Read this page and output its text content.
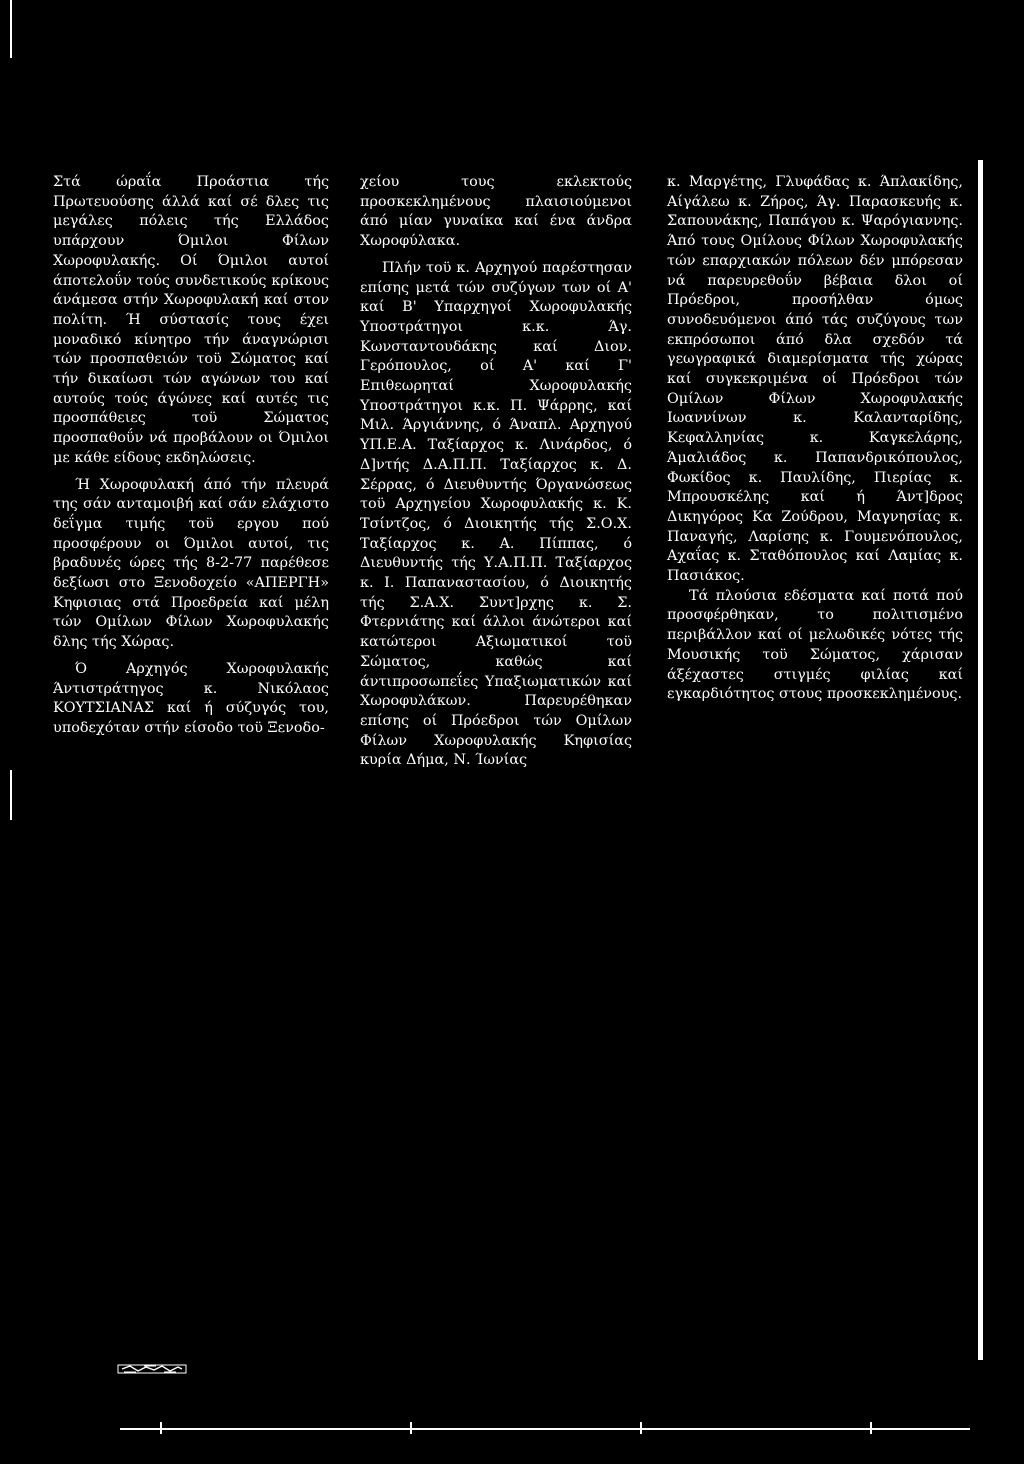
Στά ώραΐα Προάστια τής Πρωτευούσης άλλά καί σέ δλες τις μεγάλες πόλεις τής Ελλάδος υπάρχουν Όμιλοι Φίλων Χωροφυλακής. Οί Όμιλοι αυτοί άποτελοΰν τούς συνδετικούς κρίκους άνάμεσα στήν Χωροφυλακή καί στον πολίτη. Ή σύστασίς τους έχει μοναδικό κίνητρο τήν άναγνώρισι τών προσπαθειών τοϋ Σώματος καί τήν δικαίωσι τών αγώνων του καί αυτούς τούς άγώνες καί αυτές τις προσπάθειες τοϋ Σώματος προσπαθοΰν νά προβάλουν οι Όμιλοι με κάθε είδους εκδηλώσεις.

Ή Χωροφυλακή άπό τήν πλευρά της σάν ανταμοιβή καί σάν ελάχιστο δεΐγμα τιμής τοϋ εργου πού προσφέρουν οι Όμιλοι αυτοί, τις βραδυνές ώρες τής 8-2-77 παρέθεσε δεξίωσι στο Ξενοδοχείο «ΑΠΕΡΓΗ» Κηφισιας στά Προεδρεία καί μέλη τών Ομίλων Φίλων Χωροφυλακής δλης τής Χώρας.

Ό Αρχηγός Χωροφυλακής Άντιστράτηγος κ. Νικόλαος ΚΟΥΤΣΙΑΝΑΣ καί ή σύζυγός του, υποδεχόταν στήν είσοδο τοϋ Ξενοδο-

χείου τους εκλεκτούς προσκεκλημένους πλαισιούμενοι άπό μίαν γυναίκα καί ένα άνδρα Χωροφύλακα.

Πλήν τοϋ κ. Αρχηγού παρέστησαν επίσης μετά τών συζύγων των οί Α' καί Β' Υπαρχηγοί Χωροφυλακής Υποστράτηγοι κ.κ. Άγ. Κωνσταντουδάκης καί Διον. Γερόπουλος, οί Α' καί Γ' Επιθεωρηταί Χωροφυλακής Υποστράτηγοι κ.κ. Π. Ψάρρης, καί Μιλ. Άργιάννης, ό Άναπλ. Αρχηγού ΥΠ.Ε.Α. Ταξίαρχος κ. Λινάρδος, ό Δ]ντής Δ.Α.Π.Π. Ταξίαρχος κ. Δ. Σέρρας, ό Διευθυντής Όργανώσεως τοϋ Αρχηγείου Χωροφυλακής κ. Κ. Τσίντζος, ό Διοικητής τής Σ.Ο.Χ. Ταξίαρχος κ. Α. Πίππας, ό Διευθυντής τής Υ.Α.Π.Π. Ταξίαρχος κ. I. Παπαναστασίου, ό Διοικητής τής Σ.Α.Χ. Συντ]ρχης κ. Σ. Φτερνιάτης καί άλλοι άνώτεροι καί κατώτεροι Αξιωματικοί τοϋ Σώματος, καθώς καί άντιπροσωπεΐες Υπαξιωματικών καί Χωροφυλάκων. Παρευρέθηκαν επίσης οί Πρόεδροι τών Ομίλων Φίλων Χωροφυλακής Κηφισίας κυρία Δήμα, Ν. Ίωνίας

κ. Μαργέτης, Γλυφάδας κ. Άπλακίδης, Αίγάλεω κ. Ζήρος, Άγ. Παρασκευής κ. Σαπουνάκης, Παπάγου κ. Ψαρόγιαννης. Άπό τους Ομίλους Φίλων Χωροφυλακής τών επαρχιακών πόλεων δέν μπόρεσαν νά παρευρεθοΰν βέβαια δλοι οί Πρόεδροι, προσήλθαν όμως συνοδευόμενοι άπό τάς συζύγους των εκπρόσωποι άπό δλα σχεδόν τά γεωγραφικά διαμερίσματα τής χώρας καί συγκεκριμένα οί Πρόεδροι τών Ομίλων Φίλων Χωροφυλακής Ιωαννίνων κ. Καλανταρίδης, Κεφαλληνίας κ. Καγκελάρης, Άμαλιάδος κ. Παπανδρικόπουλος, Φωκίδος κ. Παυλίδης, Πιερίας κ. Μπρουσκέλης καί ή Άντ]δρος Δικηγόρος Κα Ζούδρου, Μαγνησίας κ. Παναγής, Λαρίσης κ. Γουμενόπουλος, Αχαΐας κ. Σταθόπουλος καί Λαμίας κ. Πασιάκος.

Τά πλούσια εδέσματα καί ποτά πού προσφέρθηκαν, το πολιτισμένο περιβάλλον καί οί μελωδικές νότες τής Μουσικής τοϋ Σώματος, χάρισαν άξέχαστες στιγμές φιλίας καί εγκαρδιότητος στους προσκεκλημένους.
